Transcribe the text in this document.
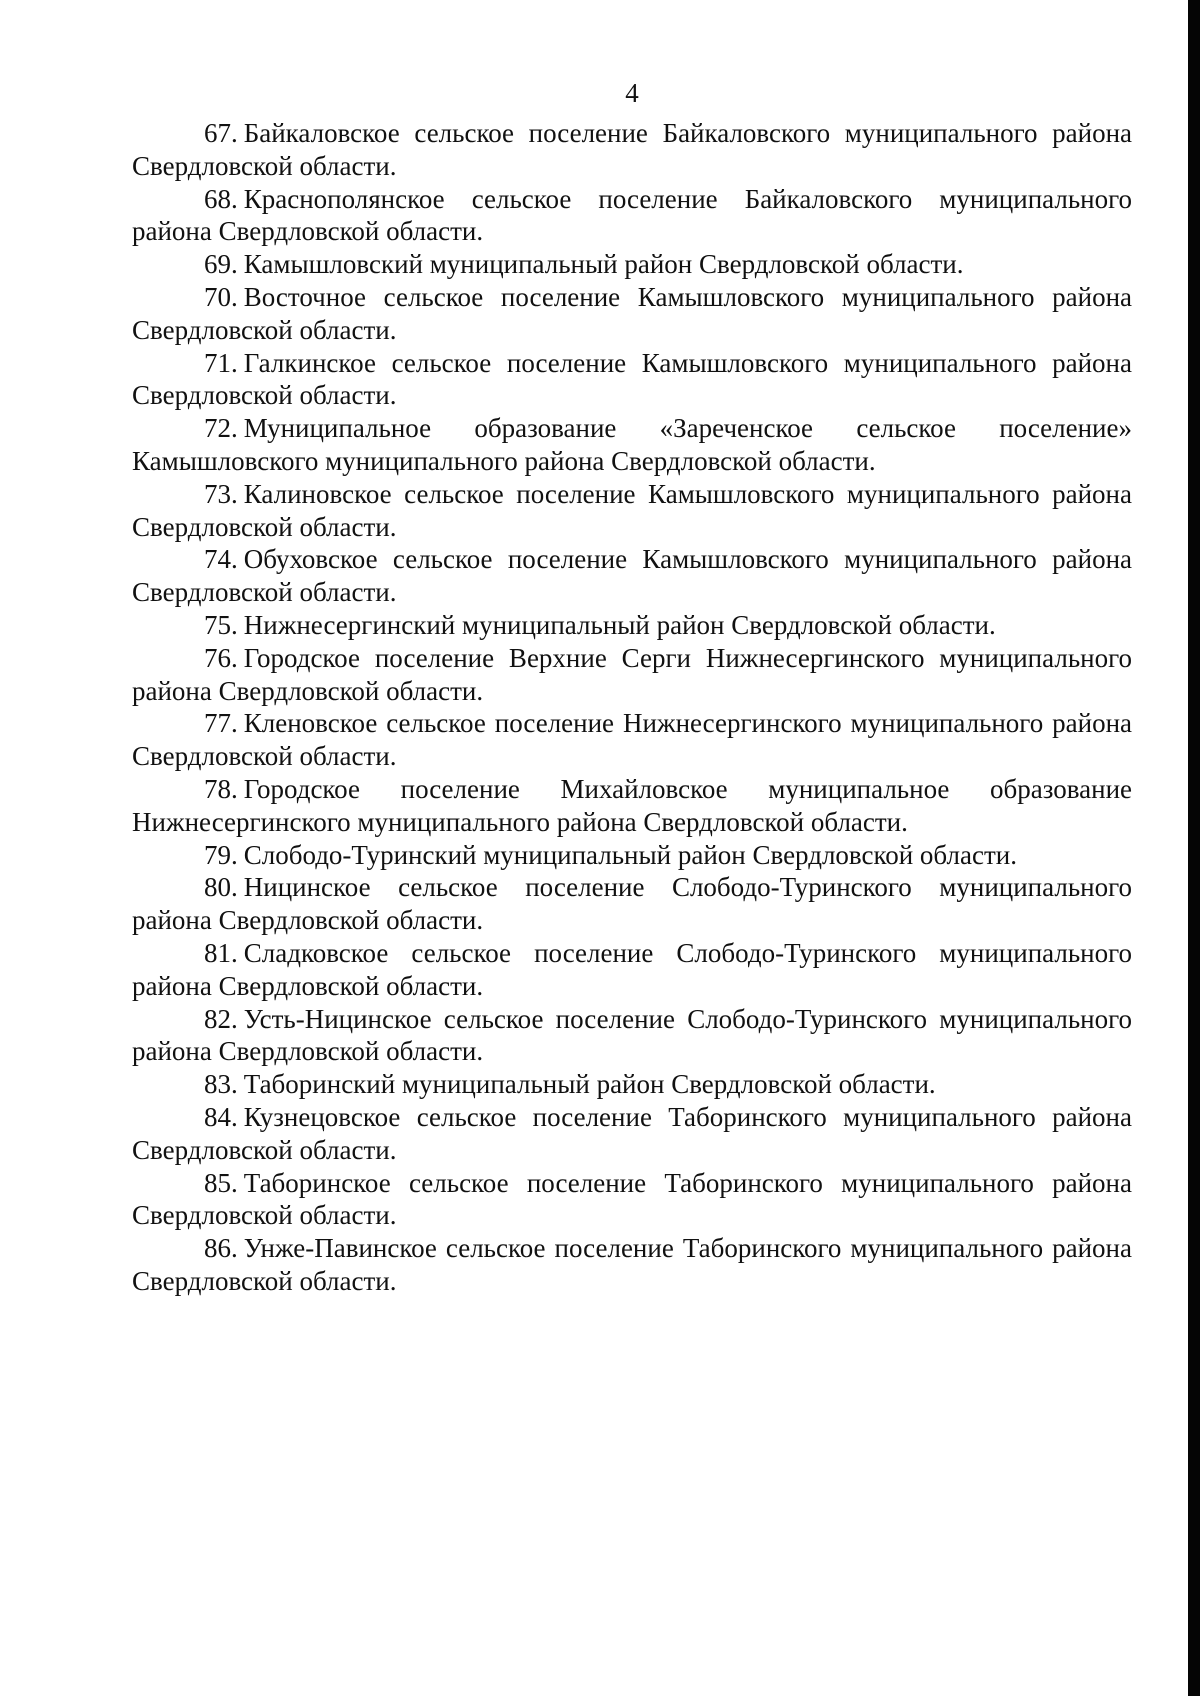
4

67. Байкаловское сельское поселение Байкаловского муниципального района Свердловской области.

68. Краснополянское сельское поселение Байкаловского муниципального района Свердловской области.

69. Камышловский муниципальный район Свердловской области.

70. Восточное сельское поселение Камышловского муниципального района Свердловской области.

71. Галкинское сельское поселение Камышловского муниципального района Свердловской области.

72. Муниципальное образование «Зареченское сельское поселение» Камышловского муниципального района Свердловской области.

73. Калиновское сельское поселение Камышловского муниципального района Свердловской области.

74. Обуховское сельское поселение Камышловского муниципального района Свердловской области.

75. Нижнесергинский муниципальный район Свердловской области.

76. Городское поселение Верхние Серги Нижнесергинского муниципального района Свердловской области.

77. Кленовское сельское поселение Нижнесергинского муниципального района Свердловской области.

78. Городское поселение Михайловское муниципальное образование Нижнесергинского муниципального района Свердловской области.

79. Слободо-Туринский муниципальный район Свердловской области.

80. Ницинское сельское поселение Слободо-Туринского муниципального района Свердловской области.

81. Сладковское сельское поселение Слободо-Туринского муниципального района Свердловской области.

82. Усть-Ницинское сельское поселение Слободо-Туринского муниципального района Свердловской области.

83. Таборинский муниципальный район Свердловской области.

84. Кузнецовское сельское поселение Таборинского муниципального района Свердловской области.

85. Таборинское сельское поселение Таборинского муниципального района Свердловской области.

86. Унже-Павинское сельское поселение Таборинского муниципального района Свердловской области.
